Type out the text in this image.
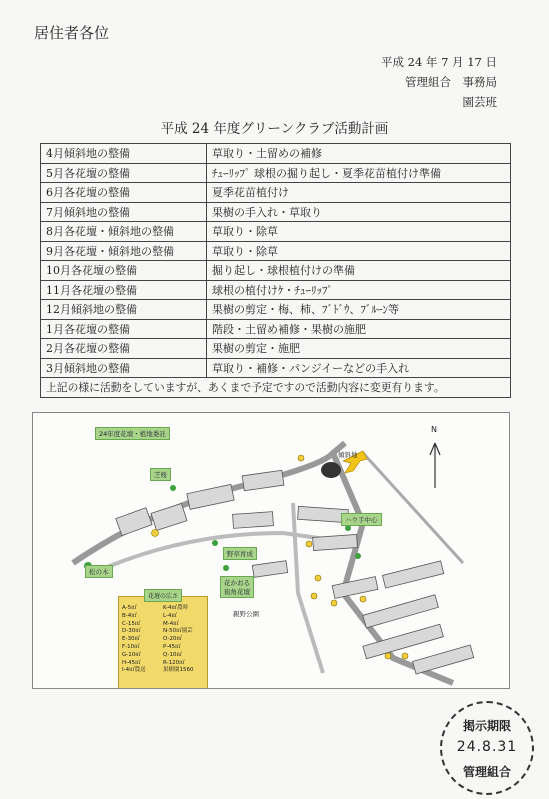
居住者各位
平成 24 年 7 月 17 日
管理組合　事務局
園芸班
平成 24 年度グリーンクラブ活動計画
4月傾斜地の整備	草取り・土留めの補修
5月各花壇の整備	ﾁｭｰﾘｯﾌﾟ 球根の掘り起し・夏季花苗植付け準備
6月各花壇の整備	夏季花苗植付け
7月傾斜地の整備	果樹の手入れ・草取り
8月各花壇・傾斜地の整備	草取り・除草
9月各花壇・傾斜地の整備	草取り・除草
10月各花壇の整備	掘り起し・球根植付けの準備
11月各花壇の整備	球根の植付けｹ・ﾁｭｰﾘｯﾌﾟ
12月傾斜地の整備	果樹の剪定・梅、柿、ﾌﾞﾄﾞｳ、ﾌﾞﾙｰﾝ等
1月各花壇の整備	階段・土留め補修・果樹の施肥
2月各花壇の整備	果樹の剪定・施肥
3月傾斜地の整備	草取り・補修・パンジイーなどの手入れ
上記の様に活動をしていますが、あくまで予定ですので活動内容に変更有ります。	
24年度花壇・植地委託
芝桜
ハウ手中心
松の木
野草育成
花かおる
街角花壇
傾斜地
親野公園
N
花壇の広さ
A-5㎡
B-4㎡
C-15㎡
D-30㎡
E-30㎡
F-10㎡
G-10㎡
H-45㎡
I-4㎡農送
K-4㎡農時
L-4㎡
M-4㎡
N-50㎡園芸
O-20㎡
P-45㎡
Q-10㎡
R-120㎡
果樹園1560
掲示期限
24.8.31
管理組合
